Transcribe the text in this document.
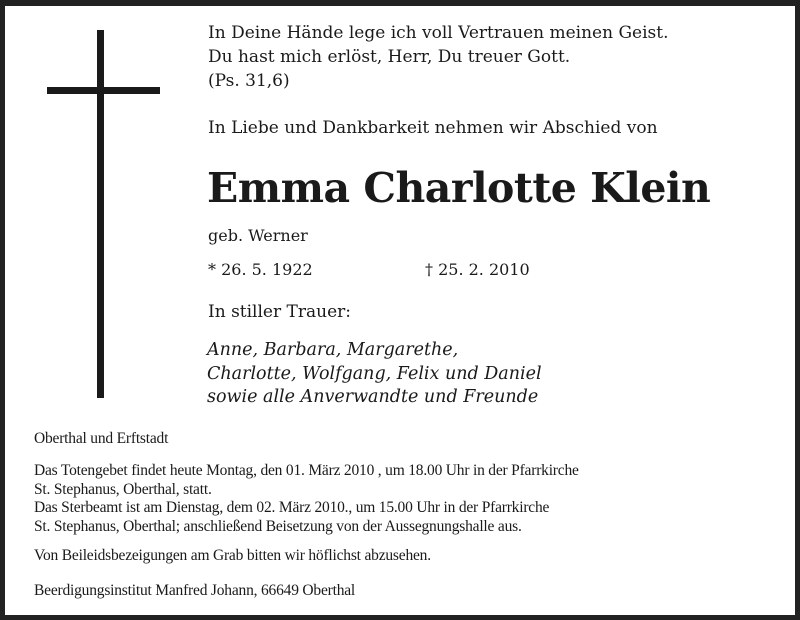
In Deine Hände lege ich voll Vertrauen meinen Geist.
Du hast mich erlöst, Herr, Du treuer Gott.
(Ps. 31,6)
In Liebe und Dankbarkeit nehmen wir Abschied von
Emma Charlotte Klein
geb. Werner
* 26. 5. 1922	† 25. 2. 2010
In stiller Trauer:
Anne, Barbara, Margarethe,
Charlotte, Wolfgang, Felix und Daniel
sowie alle Anverwandte und Freunde
Oberthal und Erftstadt
Das Totengebet findet heute Montag, den 01. März 2010 , um 18.00 Uhr in der Pfarrkirche
St. Stephanus, Oberthal, statt.
Das Sterbeamt ist am Dienstag, dem 02. März 2010., um 15.00 Uhr in der Pfarrkirche
St. Stephanus, Oberthal; anschließend Beisetzung von der Aussegnungshalle aus.
Von Beileidsbezeigungen am Grab bitten wir höflichst abzusehen.
Beerdigungsinstitut Manfred Johann, 66649 Oberthal
